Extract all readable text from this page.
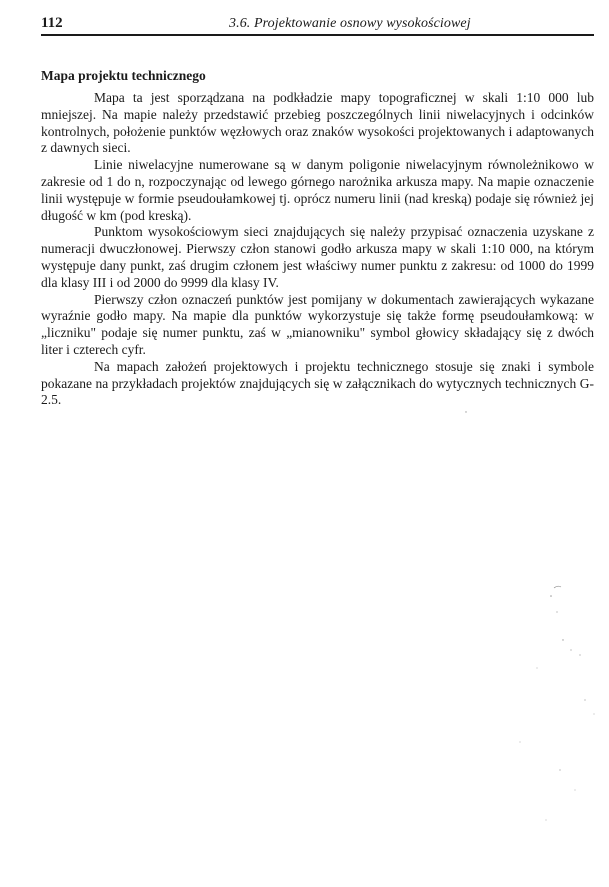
112	3.6. Projektowanie osnowy wysokościowej
Mapa projektu technicznego

Mapa ta jest sporządzana na podkładzie mapy topograficznej w skali 1:10 000 lub mniejszej. Na mapie należy przedstawić przebieg poszczególnych linii niwelacyjnych i odcinków kontrolnych, położenie punktów węzłowych oraz znaków wysokości projektowanych i adaptowanych z dawnych sieci.

Linie niwelacyjne numerowane są w danym poligonie niwelacyjnym równoleżnikowo w zakresie od 1 do n, rozpoczynając od lewego górnego narożnika arkusza mapy. Na mapie oznaczenie linii występuje w formie pseudoułamkowej tj. oprócz numeru linii (nad kreską) podaje się również jej długość w km (pod kreską).

Punktom wysokościowym sieci znajdujących się należy przypisać oznaczenia uzyskane z numeracji dwuczłonowej. Pierwszy człon stanowi godło arkusza mapy w skali 1:10 000, na którym występuje dany punkt, zaś drugim członem jest właściwy numer punktu z zakresu: od 1000 do 1999 dla klasy III i od 2000 do 9999 dla klasy IV.

Pierwszy człon oznaczeń punktów jest pomijany w dokumentach zawierających wykazane wyraźnie godło mapy. Na mapie dla punktów wykorzystuje się także formę pseudoułamkową: w „liczniku" podaje się numer punktu, zaś w „mianowniku" symbol głowicy składający się z dwóch liter i czterech cyfr.

Na mapach założeń projektowych i projektu technicznego stosuje się znaki i symbole pokazane na przykładach projektów znajdujących się w załącznikach do wytycznych technicznych G-2.5.
